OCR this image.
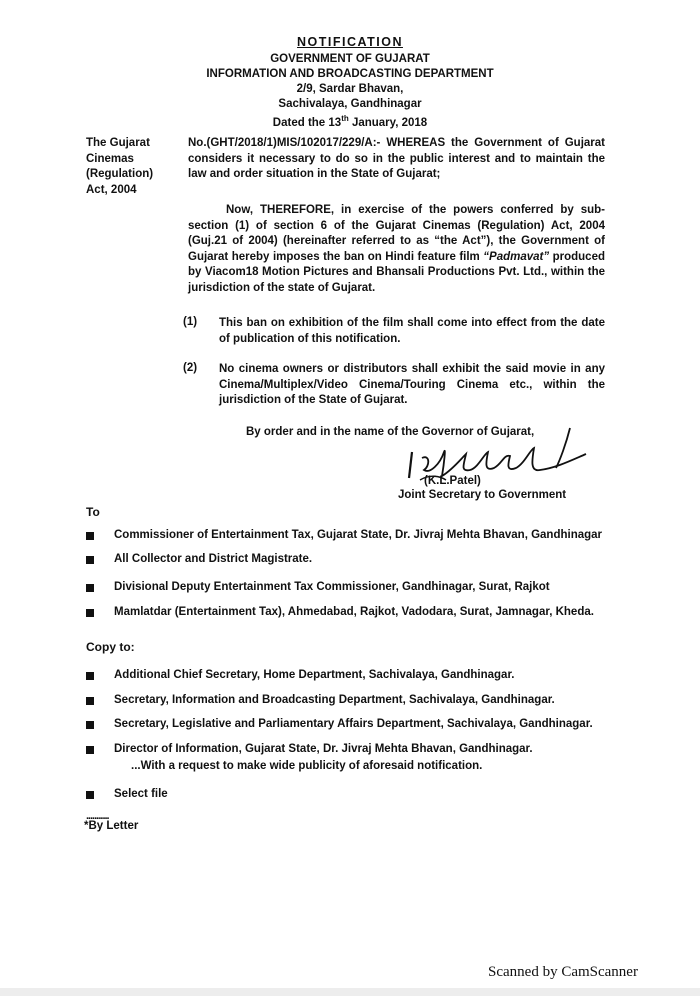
NOTIFICATION
GOVERNMENT OF GUJARAT
INFORMATION AND BROADCASTING DEPARTMENT
2/9, Sardar Bhavan,
Sachivalaya, Gandhinagar
Dated the 13th January, 2018
The Gujarat
Cinemas
(Regulation)
Act, 2004
No.(GHT/2018/1)MIS/102017/229/A:- WHEREAS the Government of Gujarat considers it necessary to do so in the public interest and to maintain the law and order situation in the State of Gujarat;
Now, THEREFORE, in exercise of the powers conferred by sub-section (1) of section 6 of the Gujarat Cinemas (Regulation) Act, 2004 (Guj.21 of 2004) (hereinafter referred to as “the Act”), the Government of Gujarat hereby imposes the ban on Hindi feature film “Padmavat” produced by Viacom18 Motion Pictures and Bhansali Productions Pvt. Ltd., within the jurisdiction of the state of Gujarat.
(1) This ban on exhibition of the film shall come into effect from the date of publication of this notification.
(2) No cinema owners or distributors shall exhibit the said movie in any Cinema/Multiplex/Video Cinema/Touring Cinema etc., within the jurisdiction of the State of Gujarat.
By order and in the name of the Governor of Gujarat,
(K.L.Patel)
Joint Secretary to Government
To
Commissioner of Entertainment Tax, Gujarat State, Dr. Jivraj Mehta Bhavan, Gandhinagar
All Collector and District Magistrate.
Divisional Deputy Entertainment Tax Commissioner, Gandhinagar, Surat, Rajkot
Mamlatdar (Entertainment Tax), Ahmedabad, Rajkot, Vadodara, Surat, Jamnagar, Kheda.
Copy to:
Additional Chief Secretary, Home Department, Sachivalaya, Gandhinagar.
Secretary, Information and Broadcasting Department, Sachivalaya, Gandhinagar.
Secretary, Legislative and Parliamentary Affairs Department, Sachivalaya, Gandhinagar.
Director of Information, Gujarat State, Dr. Jivraj Mehta Bhavan, Gandhinagar.
...With a request to make wide publicity of aforesaid notification.
Select file
...........
*By Letter
Scanned by CamScanner
